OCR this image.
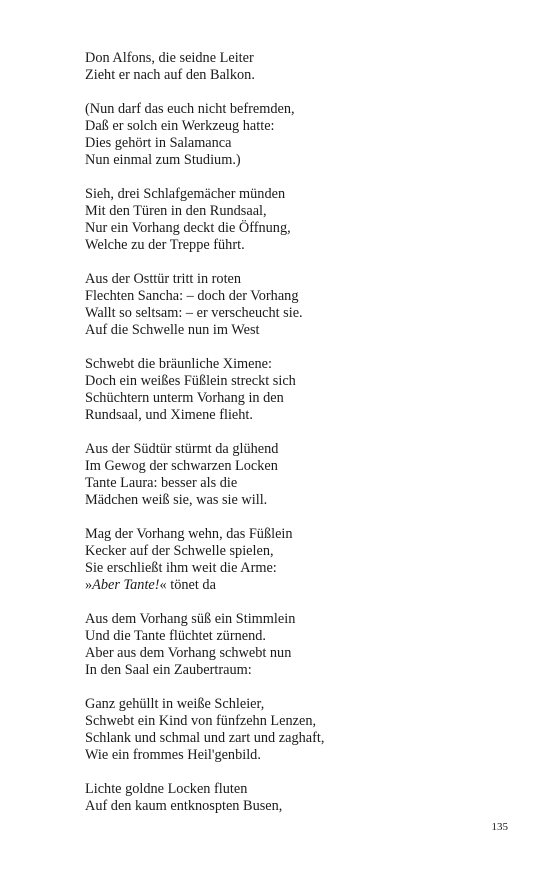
Don Alfons, die seidne Leiter
Zieht er nach auf den Balkon.
(Nun darf das euch nicht befremden,
Daß er solch ein Werkzeug hatte:
Dies gehört in Salamanca
Nun einmal zum Studium.)
Sieh, drei Schlafgemächer münden
Mit den Türen in den Rundsaal,
Nur ein Vorhang deckt die Öffnung,
Welche zu der Treppe führt.
Aus der Osttür tritt in roten
Flechten Sancha: – doch der Vorhang
Wallt so seltsam: – er verscheucht sie.
Auf die Schwelle nun im West
Schwebt die bräunliche Ximene:
Doch ein weißes Füßlein streckt sich
Schüchtern unterm Vorhang in den
Rundsaal, und Ximene flieht.
Aus der Südtür stürmt da glühend
Im Gewog der schwarzen Locken
Tante Laura: besser als die
Mädchen weiß sie, was sie will.
Mag der Vorhang wehn, das Füßlein
Kecker auf der Schwelle spielen,
Sie erschließt ihm weit die Arme:
»Aber Tante!« tönet da
Aus dem Vorhang süß ein Stimmlein
Und die Tante flüchtet zürnend.
Aber aus dem Vorhang schwebt nun
In den Saal ein Zaubertraum:
Ganz gehüllt in weiße Schleier,
Schwebt ein Kind von fünfzehn Lenzen,
Schlank und schmal und zart und zaghaft,
Wie ein frommes Heil'genbild.
Lichte goldne Locken fluten
Auf den kaum entknospten Busen,
135
